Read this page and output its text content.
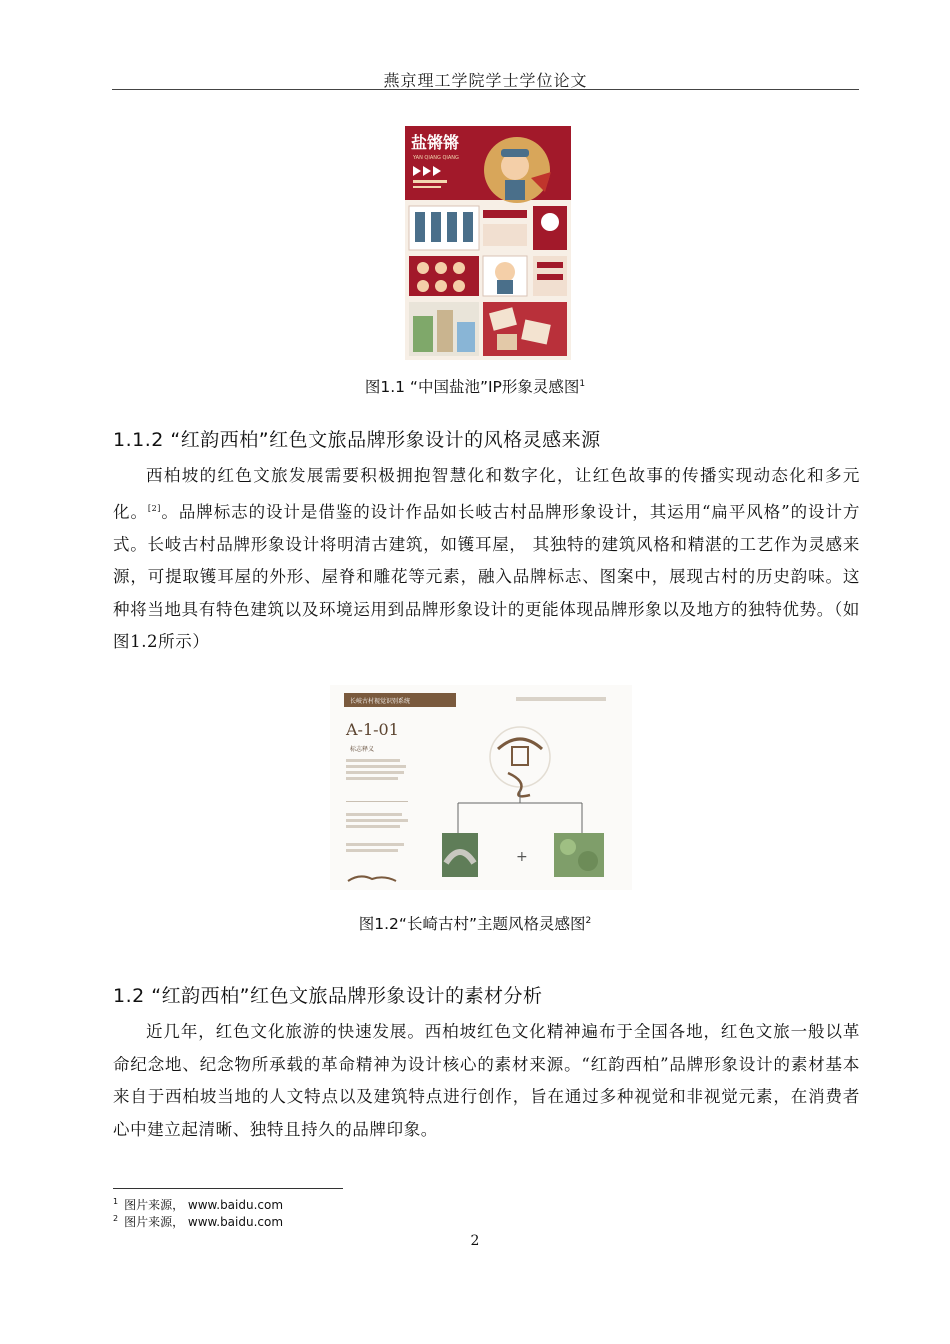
燕京理工学院学士学位论文
盐锵锵
YAN QIANG QIANG
图1.1 “中国盐池”IP形象灵感图$^1$
1.1.2 “红韵西柏”红色文旅品牌形象设计的风格灵感来源

西柏坡的红色文旅发展需要积极拥抱智慧化和数字化，让红色故事的传播实现动态化和多元化。[2]。品牌标志的设计是借鉴的设计作品如长岐古村品牌形象设计，其运用“扁平风格”的设计方式。长岐古村品牌形象设计将明清古建筑，如镬耳屋， 其独特的建筑风格和精湛的工艺作为灵感来源，可提取镬耳屋的外形、屋脊和雕花等元素，融入品牌标志、图案中，展现古村的历史韵味。这种将当地具有特色建筑以及环境运用到品牌形象设计的更能体现品牌形象以及地方的独特优势。（如图1.2所示）

长岐古村视觉识别系统
A-1-01
标志释义
+
图1.2“长崎古村”主题风格灵感图$^2$
1.2 “红韵西柏”红色文旅品牌形象设计的素材分析

近几年，红色文化旅游的快速发展。西柏坡红色文化精神遍布于全国各地，红色文旅一般以革命纪念地、纪念物所承载的革命精神为设计核心的素材来源。“红韵西柏”品牌形象设计的素材基本来自于西柏坡当地的人文特点以及建筑特点进行创作，旨在通过多种视觉和非视觉元素，在消费者心中建立起清晰、独特且持久的品牌印象。

$^1$ 图片来源， www.baidu.com
$^2$ 图片来源， www.baidu.com
2
